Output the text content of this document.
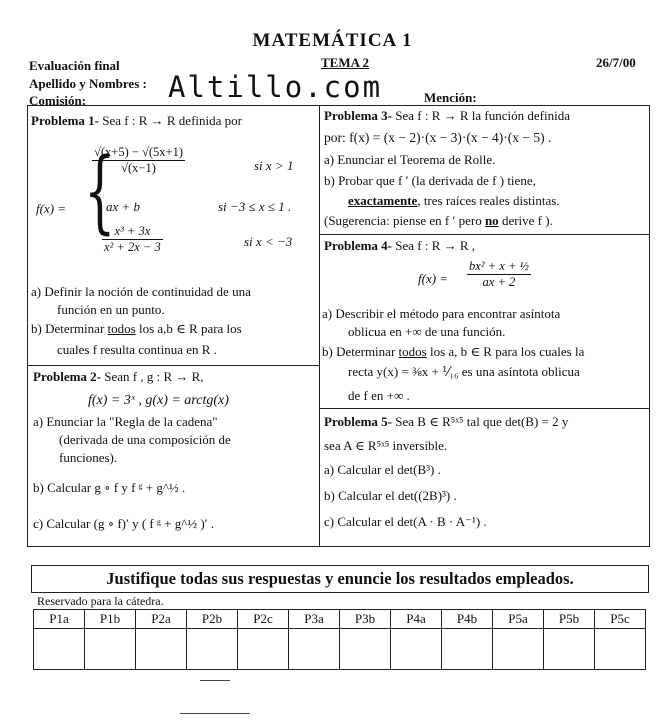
MATEMÁTICA 1
TEMA 2	26/7/00
Evaluación final
Apellido y Nombres :
Comisión:	Altillo.com	Mención:
Problema 1- Sea f : R → R definida por
f(x) = {
$\frac{√(x+5) - √(5x+1)}{√(x-1)}$	si x > 1
ax + b	si −3 ≤ x ≤ 1 .
$\frac{\text{x³ + 3x}}{\text{x² + 2x − 3}}$	si x < −3
a) Definir la noción de continuidad de una
función en un punto.
b) Determinar todos los a,b ∈ R para los
cuales f resulta continua en R .
Problema 2- Sean f , g : R → R,
f(x) = 3ˣ , g(x) = arctg(x)
a) Enunciar la "Regla de la cadena"
(derivada de una composición de
funciones).
b) Calcular g ∘ f y f ᵍ + g^½ .
c) Calcular (g ∘ f)′ y ( f ᵍ + g^½ )′ .
Problema 3- Sea f : R → R la función definida
por: f(x) = (x − 2)·(x − 3)·(x − 4)·(x − 5) .
a) Enunciar el Teorema de Rolle.
b) Probar que f ′ (la derivada de f ) tiene,
exactamente, tres raíces reales distintas.
(Sugerencia: piense en f ′ pero no derive f ).
Problema 4- Sea f : R → R ,
$f(x) = \frac{\text{bx² + x + ½}}{ax + 2}$
a) Describir el método para encontrar asíntota
oblicua en +∞ de una función.
b) Determinar todos los a, b ∈ R para los cuales la
recta y(x) = ⅜x + ⅟₁₆ es una asíntota oblicua
de f en +∞ .
Problema 5- Sea B ∈ R⁵ˣ⁵ tal que det(B) = 2 y
sea A ∈ R⁵ˣ⁵ inversible.
a) Calcular el det(B³) .
b) Calcular el det((2B)³) .
c) Calcular el det(A · B · A⁻¹) .
Justifique todas sus respuestas y enuncie los resultados empleados.
Reservado para la cátedra.
P1a	P1b	P2a	P2b	P2c	P3a	P3b	P4a	P4b	P5a	P5b	P5c
